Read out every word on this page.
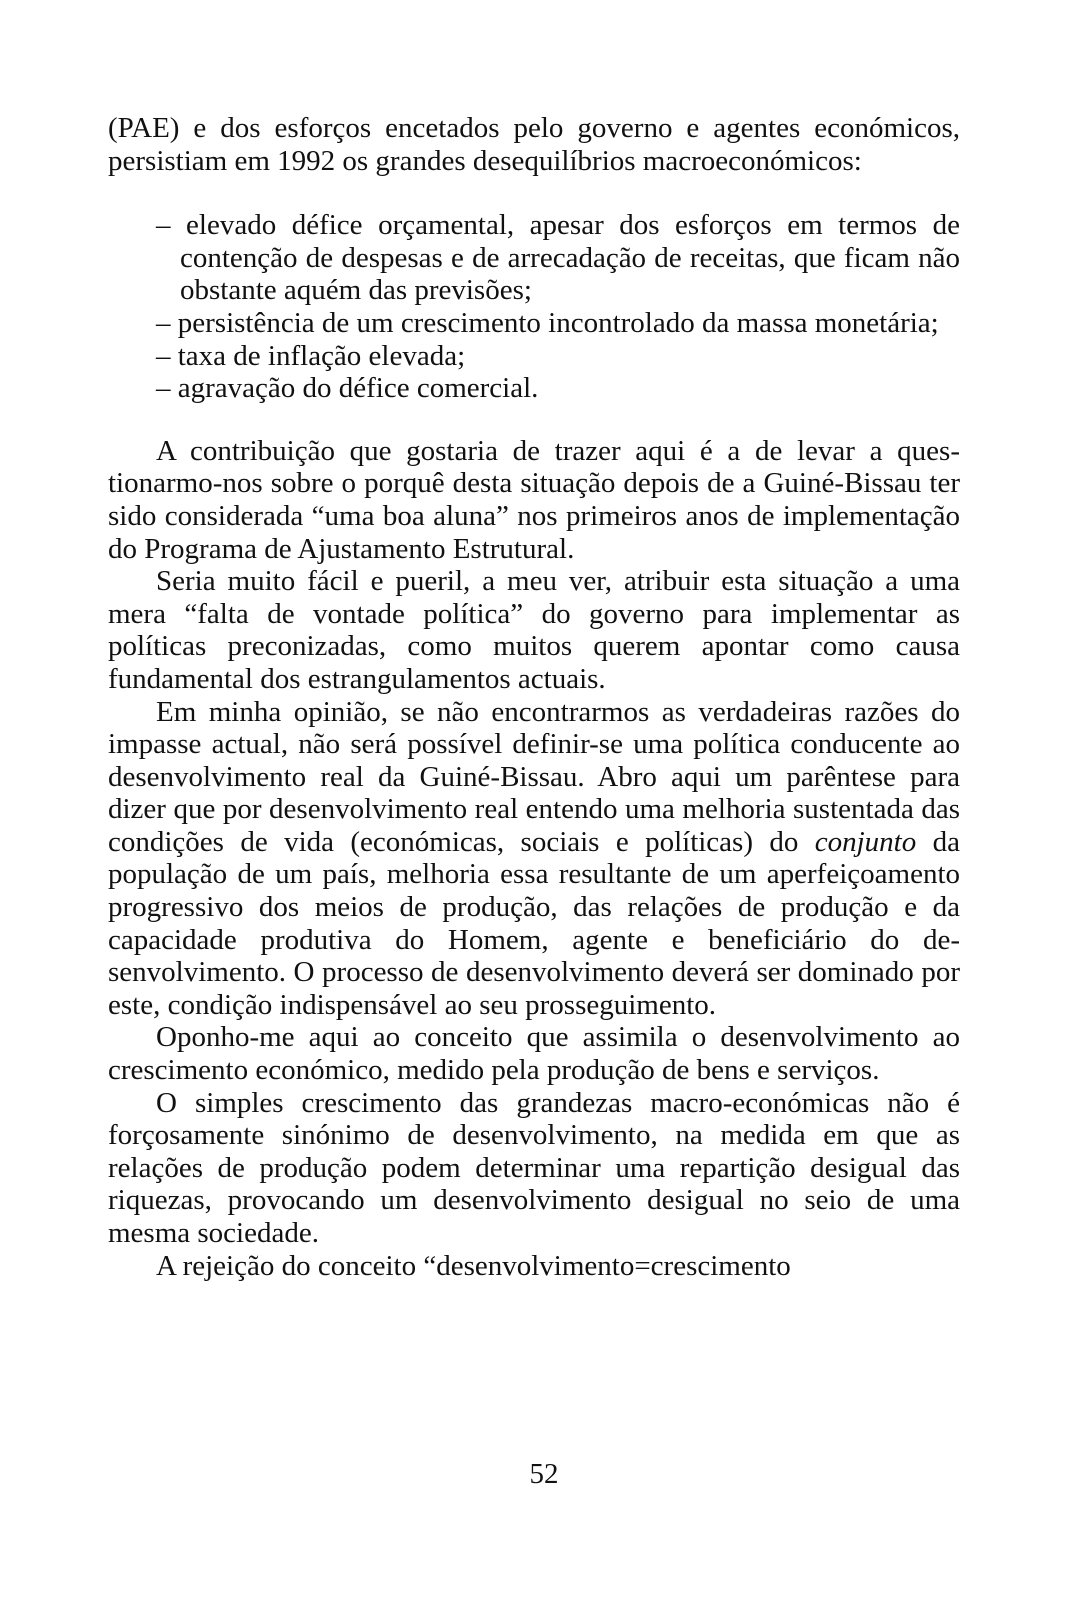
(PAE) e dos esforços encetados pelo governo e agentes económicos, persistiam em 1992 os grandes desequilíbrios macroeconómicos:

– elevado défice orçamental, apesar dos esforços em termos de contenção de despesas e de arrecadação de receitas, que ficam não obstante aquém das previsões;
– persistência de um crescimento incontrolado da massa monetária;
– taxa de inflação elevada;
– agravação do défice comercial.

A contribuição que gostaria de trazer aqui é a de levar a questionarmo-nos sobre o porquê desta situação depois de a Guiné-Bissau ter sido considerada “uma boa aluna” nos primeiros anos de implementação do Programa de Ajustamento Estrutural.

Seria muito fácil e pueril, a meu ver, atribuir esta situação a uma mera “falta de vontade política” do governo para implementar as políticas preconizadas, como muitos querem apontar como causa fundamental dos estrangulamentos actuais.

Em minha opinião, se não encontrarmos as verdadeiras razões do impasse actual, não será possível definir-se uma política conducente ao desenvolvimento real da Guiné-Bissau. Abro aqui um parêntese para dizer que por desenvolvimento real entendo uma melhoria sustentada das condições de vida (económicas, sociais e políticas) do conjunto da população de um país, melhoria essa resultante de um aperfeiçoamento progressivo dos meios de produção, das relações de produção e da capacidade produtiva do Homem, agente e beneficiário do desenvolvimento. O processo de desenvolvimento deverá ser dominado por este, condição indispensável ao seu prosseguimento.

Oponho-me aqui ao conceito que assimila o desenvolvimento ao crescimento económico, medido pela produção de bens e serviços.

O simples crescimento das grandezas macro-económicas não é forçosamente sinónimo de desenvolvimento, na medida em que as relações de produção podem determinar uma repartição desigual das riquezas, provocando um desenvolvimento desigual no seio de uma mesma sociedade.

A rejeição do conceito “desenvolvimento=crescimento

52
